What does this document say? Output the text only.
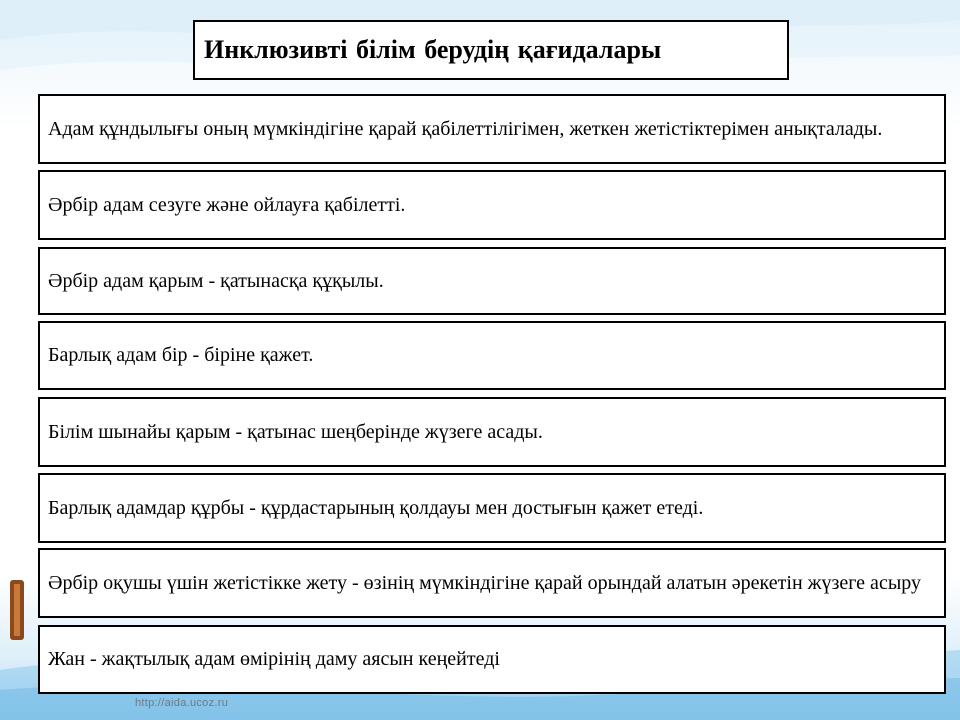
Инклюзивті білім берудің қағидалары
Адам құндылығы оның мүмкіндігіне қарай қабілеттілігімен, жеткен жетістіктерімен анықталады.
Әрбір адам сезуге және ойлауға қабілетті.
Әрбір адам қарым - қатынасқа құқылы.
Барлық адам бір - біріне қажет.
Білім шынайы қарым - қатынас шеңберінде жүзеге асады.
Барлық адамдар құрбы - құрдастарының қолдауы мен достығын қажет етеді.
Әрбір оқушы үшін жетістікке жету - өзінің мүмкіндігіне қарай орындай алатын әрекетін жүзеге асыру
Жан - жақтылық адам өмірінің даму аясын кеңейтеді
http://aida.ucoz.ru
